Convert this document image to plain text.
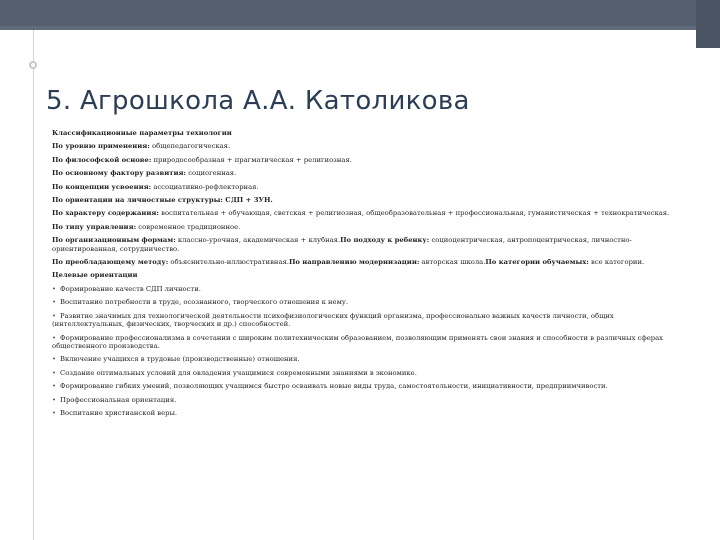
5. Агрошкола А.А. Католикова
Классификационные параметры технологии
По уровню применения: общепедагогическая.
По философской основе: природосообразная + прагматическая + религиозная.
По основному фактору развития: социогенная.
По концепции усвоения: ассоциативно-рефлекторная.
По ориентации на личностные структуры: СДП + ЗУН.
По характеру содержания: воспитательная + обучающая, светская + религиозная, общеобразовательная + профессиональная, гуманистическая + технократическая.
По типу управления: современное традиционное.
По организационным формам: классно-урочная, академическая + клубная.По подходу к ребенку: социоцентрическая, антропоцентрическая, личностно-ориентированная, сотрудничество.
По преобладающему методу: объяснительно-иллюстративная.По направлению модернизации: авторская школа.По категории обучаемых: все категории.
Целевые ориентации
• Формирование качеств СДП личности.
• Воспитание потребности в труде, осознанного, творческого отношения к нему.
• Развитие значимых для технологической деятельности психофизиологических функций организма, профессионально важных качеств личности, общих (интеллектуальных, физических, творческих и др.) способностей.
• Формирование профессионализма в сочетании с широким политехническим образованием, позволяющим применять свои знания и способности в различных сферах общественного производства.
• Включение учащихся в трудовые (производственные) отношения.
• Создание оптимальных условий для овладения учащимися современными знаниями в экономике.
• Формирование гибких умений, позволяющих учащимся быстро осваивать новые виды труда, самостоятельности, инициативности, предприимчивости.
• Профессиональная ориентация.
• Воспитание христианской веры.
